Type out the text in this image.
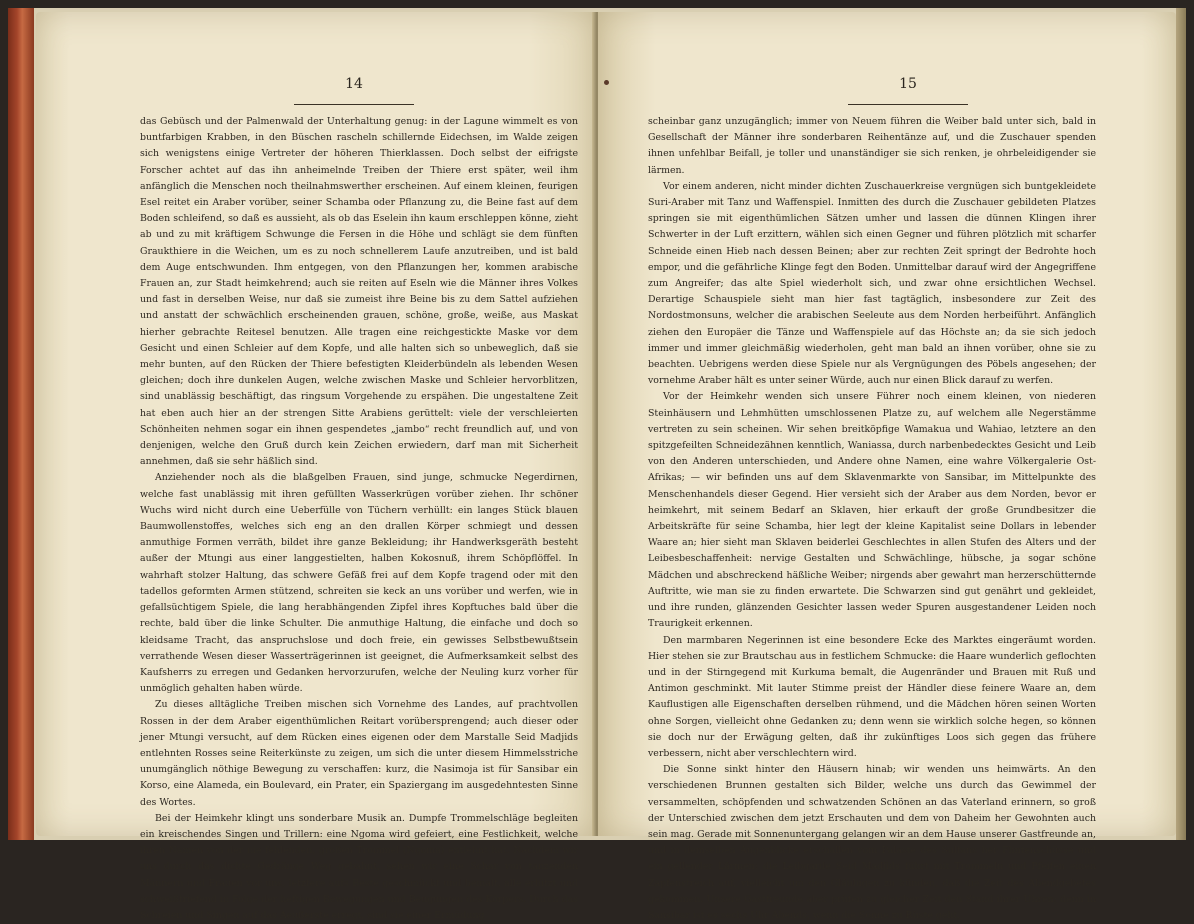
14

das Gebüsch und der Palmenwald der Unterhaltung genug: in der Lagune wimmelt es von buntfarbigen Krabben, in den Büschen rascheln schillernde Eidechsen, im Walde zeigen sich wenigstens einige Vertreter der höheren Thierklassen. Doch selbst der eifrigste Forscher achtet auf das ihn anheimelnde Treiben der Thiere erst später, weil ihm anfänglich die Menschen noch theilnahmswerther erscheinen. Auf einem kleinen, feurigen Esel reitet ein Araber vorüber, seiner Schamba oder Pflanzung zu, die Beine fast auf dem Boden schleifend, so daß es aussieht, als ob das Eselein ihn kaum erschleppen könne, zieht ab und zu mit kräftigem Schwunge die Fersen in die Höhe und schlägt sie dem fünften Graukthiere in die Weichen, um es zu noch schnellerem Laufe anzutreiben, und ist bald dem Auge entschwunden. Ihm entgegen, von den Pflanzungen her, kommen arabische Frauen an, zur Stadt heimkehrend; auch sie reiten auf Eseln wie die Männer ihres Volkes und fast in derselben Weise, nur daß sie zumeist ihre Beine bis zu dem Sattel aufziehen und anstatt der schwächlich erscheinenden grauen, schöne, große, weiße, aus Maskat hierher gebrachte Reitesel benutzen. Alle tragen eine reichgestickte Maske vor dem Gesicht und einen Schleier auf dem Kopfe, und alle halten sich so unbeweglich, daß sie mehr bunten, auf den Rücken der Thiere befestigten Kleiderbündeln als lebenden Wesen gleichen; doch ihre dunkelen Augen, welche zwischen Maske und Schleier hervorblitzen, sind unablässig beschäftigt, das ringsum Vorgehende zu erspähen. Die ungestaltene Zeit hat eben auch hier an der strengen Sitte Arabiens gerüttelt: viele der verschleierten Schönheiten nehmen sogar ein ihnen gespendetes „jambo“ recht freundlich auf, und von denjenigen, welche den Gruß durch kein Zeichen erwiedern, darf man mit Sicherheit annehmen, daß sie sehr häßlich sind.

Anziehender noch als die blaßgelben Frauen, sind junge, schmucke Negerdirnen, welche fast unablässig mit ihren gefüllten Wasserkrügen vorüber ziehen. Ihr schöner Wuchs wird nicht durch eine Ueberfülle von Tüchern verhüllt: ein langes Stück blauen Baumwollenstoffes, welches sich eng an den drallen Körper schmiegt und dessen anmuthige Formen verräth, bildet ihre ganze Bekleidung; ihr Handwerksgeräth besteht außer der Mtungi aus einer langgestielten, halben Kokosnuß, ihrem Schöpflöffel. In wahrhaft stolzer Haltung, das schwere Gefäß frei auf dem Kopfe tragend oder mit den tadellos geformten Armen stützend, schreiten sie keck an uns vorüber und werfen, wie in gefallsüchtigem Spiele, die lang herabhängenden Zipfel ihres Kopftuches bald über die rechte, bald über die linke Schulter. Die anmuthige Haltung, die einfache und doch so kleidsame Tracht, das anspruchslose und doch freie, ein gewisses Selbstbewußtsein verrathende Wesen dieser Wasserträgerinnen ist geeignet, die Aufmerksamkeit selbst des Kaufsherrs zu erregen und Gedanken hervorzurufen, welche der Neuling kurz vorher für unmöglich gehalten haben würde.

Zu dieses alltägliche Treiben mischen sich Vornehme des Landes, auf prachtvollen Rossen in der dem Araber eigenthümlichen Reitart vorübersprengend; auch dieser oder jener Mtungi versucht, auf dem Rücken eines eigenen oder dem Marstalle Seid Madjids entlehnten Rosses seine Reiterkünste zu zeigen, um sich die unter diesem Himmelsstriche unumgänglich nöthige Bewegung zu verschaffen: kurz, die Nasimoja ist für Sansibar ein Korso, eine Alameda, ein Boulevard, ein Prater, ein Spaziergang im ausgedehntesten Sinne des Wortes.

Bei der Heimkehr klingt uns sonderbare Musik an. Dumpfe Trommelschläge begleiten ein kreischendes Singen und Trillern: eine Ngoma wird gefeiert, eine Festlichkeit, welche ihren Namen von der nie fehlenden, großen Trommel (Ngoma) entlehnt hat. Nachdem wir uns durch das dichte Gedränge Weg gebahnt, sehen wir eine Schar von tanzenden Männern und Frauen vor uns, letztere aufs Beste geschmückt und bemalt, alle erhitzt und schweißtriefend in Folge der heftigen Bewegungen und Beugungen des Körpers. Durch das Schreien und Singen auf das Aeußerste erregt, sind sie einer Ermüdung

15

scheinbar ganz unzugänglich; immer von Neuem führen die Weiber bald unter sich, bald in Gesellschaft der Männer ihre sonderbaren Reihentänze auf, und die Zuschauer spenden ihnen unfehlbar Beifall, je toller und unanständiger sie sich renken, je ohrbeleidigender sie lärmen.

Vor einem anderen, nicht minder dichten Zuschauerkreise vergnügen sich buntgekleidete Suri-Araber mit Tanz und Waffenspiel. Inmitten des durch die Zuschauer gebildeten Platzes springen sie mit eigenthümlichen Sätzen umher und lassen die dünnen Klingen ihrer Schwerter in der Luft erzittern, wählen sich einen Gegner und führen plötzlich mit scharfer Schneide einen Hieb nach dessen Beinen; aber zur rechten Zeit springt der Bedrohte hoch empor, und die gefährliche Klinge fegt den Boden. Unmittelbar darauf wird der Angegriffene zum Angreifer; das alte Spiel wiederholt sich, und zwar ohne ersichtlichen Wechsel. Derartige Schauspiele sieht man hier fast tagtäglich, insbesondere zur Zeit des Nordostmonsuns, welcher die arabischen Seeleute aus dem Norden herbeiführt. Anfänglich ziehen den Europäer die Tänze und Waffenspiele auf das Höchste an; da sie sich jedoch immer und immer gleichmäßig wiederholen, geht man bald an ihnen vorüber, ohne sie zu beachten. Uebrigens werden diese Spiele nur als Vergnügungen des Pöbels angesehen; der vornehme Araber hält es unter seiner Würde, auch nur einen Blick darauf zu werfen.

Vor der Heimkehr wenden sich unsere Führer noch einem kleinen, von niederen Steinhäusern und Lehmhütten umschlossenen Platze zu, auf welchem alle Negerstämme vertreten zu sein scheinen. Wir sehen breitköpfige Wamakua und Wahiao, letztere an den spitzgefeilten Schneidezähnen kenntlich, Waniassa, durch narbenbedecktes Gesicht und Leib von den Anderen unterschieden, und Andere ohne Namen, eine wahre Völkergalerie Ost-Afrikas; — wir befinden uns auf dem Sklavenmarkte von Sansibar, im Mittelpunkte des Menschenhandels dieser Gegend. Hier versieht sich der Araber aus dem Norden, bevor er heimkehrt, mit seinem Bedarf an Sklaven, hier erkauft der große Grundbesitzer die Arbeitskräfte für seine Schamba, hier legt der kleine Kapitalist seine Dollars in lebender Waare an; hier sieht man Sklaven beiderlei Geschlechtes in allen Stufen des Alters und der Leibesbeschaffenheit: nervige Gestalten und Schwächlinge, hübsche, ja sogar schöne Mädchen und abschreckend häßliche Weiber; nirgends aber gewahrt man herzerschütternde Auftritte, wie man sie zu finden erwartete. Die Schwarzen sind gut genährt und gekleidet, und ihre runden, glänzenden Gesichter lassen weder Spuren ausgestandener Leiden noch Traurigkeit erkennen.

Den marmbaren Negerinnen ist eine besondere Ecke des Marktes eingeräumt worden. Hier stehen sie zur Brautschau aus in festlichem Schmucke: die Haare wunderlich geflochten und in der Stirngegend mit Kurkuma bemalt, die Augenränder und Brauen mit Ruß und Antimon geschminkt. Mit lauter Stimme preist der Händler diese feinere Waare an, dem Kauflustigen alle Eigenschaften derselben rühmend, und die Mädchen hören seinen Worten ohne Sorgen, vielleicht ohne Gedanken zu; denn wenn sie wirklich solche hegen, so können sie doch nur der Erwägung gelten, daß ihr zukünftiges Loos sich gegen das frühere verbessern, nicht aber verschlechtern wird.

Die Sonne sinkt hinter den Häusern hinab; wir wenden uns heimwärts. An den verschiedenen Brunnen gestalten sich Bilder, welche uns durch das Gewimmel der versammelten, schöpfenden und schwatzenden Schönen an das Vaterland erinnern, so groß der Unterschied zwischen dem jetzt Erschauten und dem von Daheim her Gewohnten auch sein mag. Gerade mit Sonnenuntergang gelangen wir an dem Hause unserer Gastfreunde an, und in demselben Augenblicke erschallen vom Palaste des Sultans her Flintenschüsse und ein gellender Lärmen: die Leibgarde Seid Madjids führt mit Trommeln und Pfeifen einen Zapfenstreich auf, vielleicht um den Gläubigen zu künden, daß die Zeit des Abendgebetes gekommen. Unsere Gastfreunde aber prüfen zu gleicher Zeit den Stand ihrer Uhren; denn in Sansibar ist es sechs Uhr Abends, wenn die Sonne zu Rüste geht,
